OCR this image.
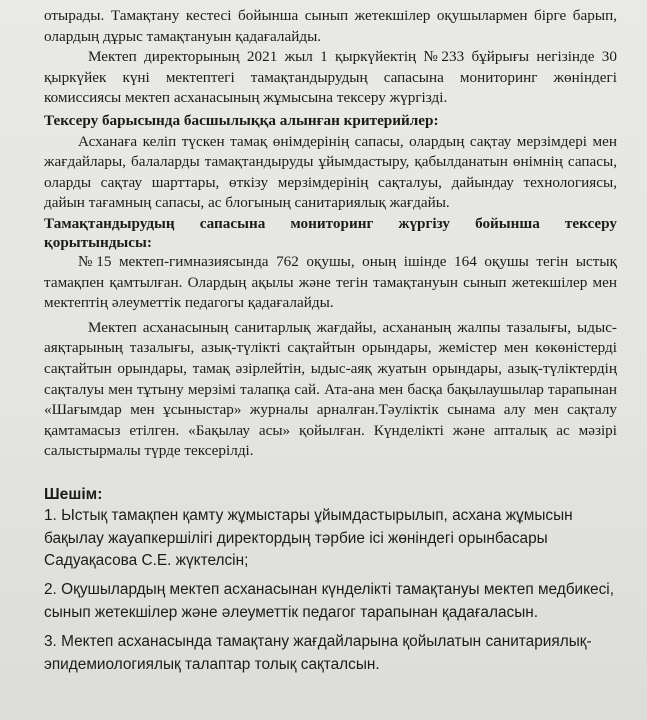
отырады. Тамақтану кестесі бойынша сынып жетекшілер оқушылармен бірге барып, олардың дұрыс тамақтануын қадағалайды.

Мектеп директорының 2021 жыл 1 қыркүйектің №233 бұйрығы негізінде 30 қыркүйек күні мектептегі тамақтандырудың сапасына мониторинг жөніндегі комиссиясы мектеп асханасының жұмысына тексеру жүргізді.

Тексеру барысында басшылыққа алынған критерийлер:

Асханаға келіп түскен тамақ өнімдерінің сапасы, олардың сақтау мерзімдері мен жағдайлары, балаларды тамақтандыруды ұйымдастыру, қабылданатын өнімнің сапасы, оларды сақтау шарттары, өткізу мерзімдерінің сақталуы, дайындау технологиясы, дайын тағамның сапасы, ас блогының санитариялық жағдайы.

Тамақтандырудың сапасына мониторинг жүргізу бойынша тексеру қорытындысы:

№15 мектеп-гимназиясында 762 оқушы, оның ішінде 164 оқушы тегін ыстық тамақпен қамтылған. Олардың ақылы және тегін тамақтануын сынып жетекшілер мен мектептің әлеуметтік педагогы қадағалайды.

Мектеп асханасының санитарлық жағдайы, асхананың жалпы тазалығы, ыдыс-аяқтарының тазалығы, азық-түлікті сақтайтын орындары, жемістер мен көкөністерді сақтайтын орындары, тамақ әзірлейтін, ыдыс-аяқ жуатын орындары, азық-түліктердің сақталуы мен тұтыну мерзімі талапқа сай. Ата-ана мен басқа бақылаушылар тарапынан «Шағымдар мен ұсыныстар» журналы арналған.Тәуліктік сынама алу мен сақталу қамтамасыз етілген. «Бақылау асы» қойылған. Күнделікті және апталық ас мәзірі салыстырмалы түрде тексерілді.

Шешім:

1. Ыстық тамақпен қамту жұмыстары ұйымдастырылып, асхана жұмысын бақылау жауапкершілігі директордың тәрбие ісі жөніндегі орынбасары Садуақасова С.Е. жүктелсін;

2. Оқушылардың мектеп асханасынан күнделікті тамақтануы мектеп медбикесі, сынып жетекшілер және әлеуметтік педагог тарапынан қадағаласын.

3. Мектеп асханасында тамақтану жағдайларына қойылатын санитариялық-эпидемиологиялық талаптар толық сақталсын.
